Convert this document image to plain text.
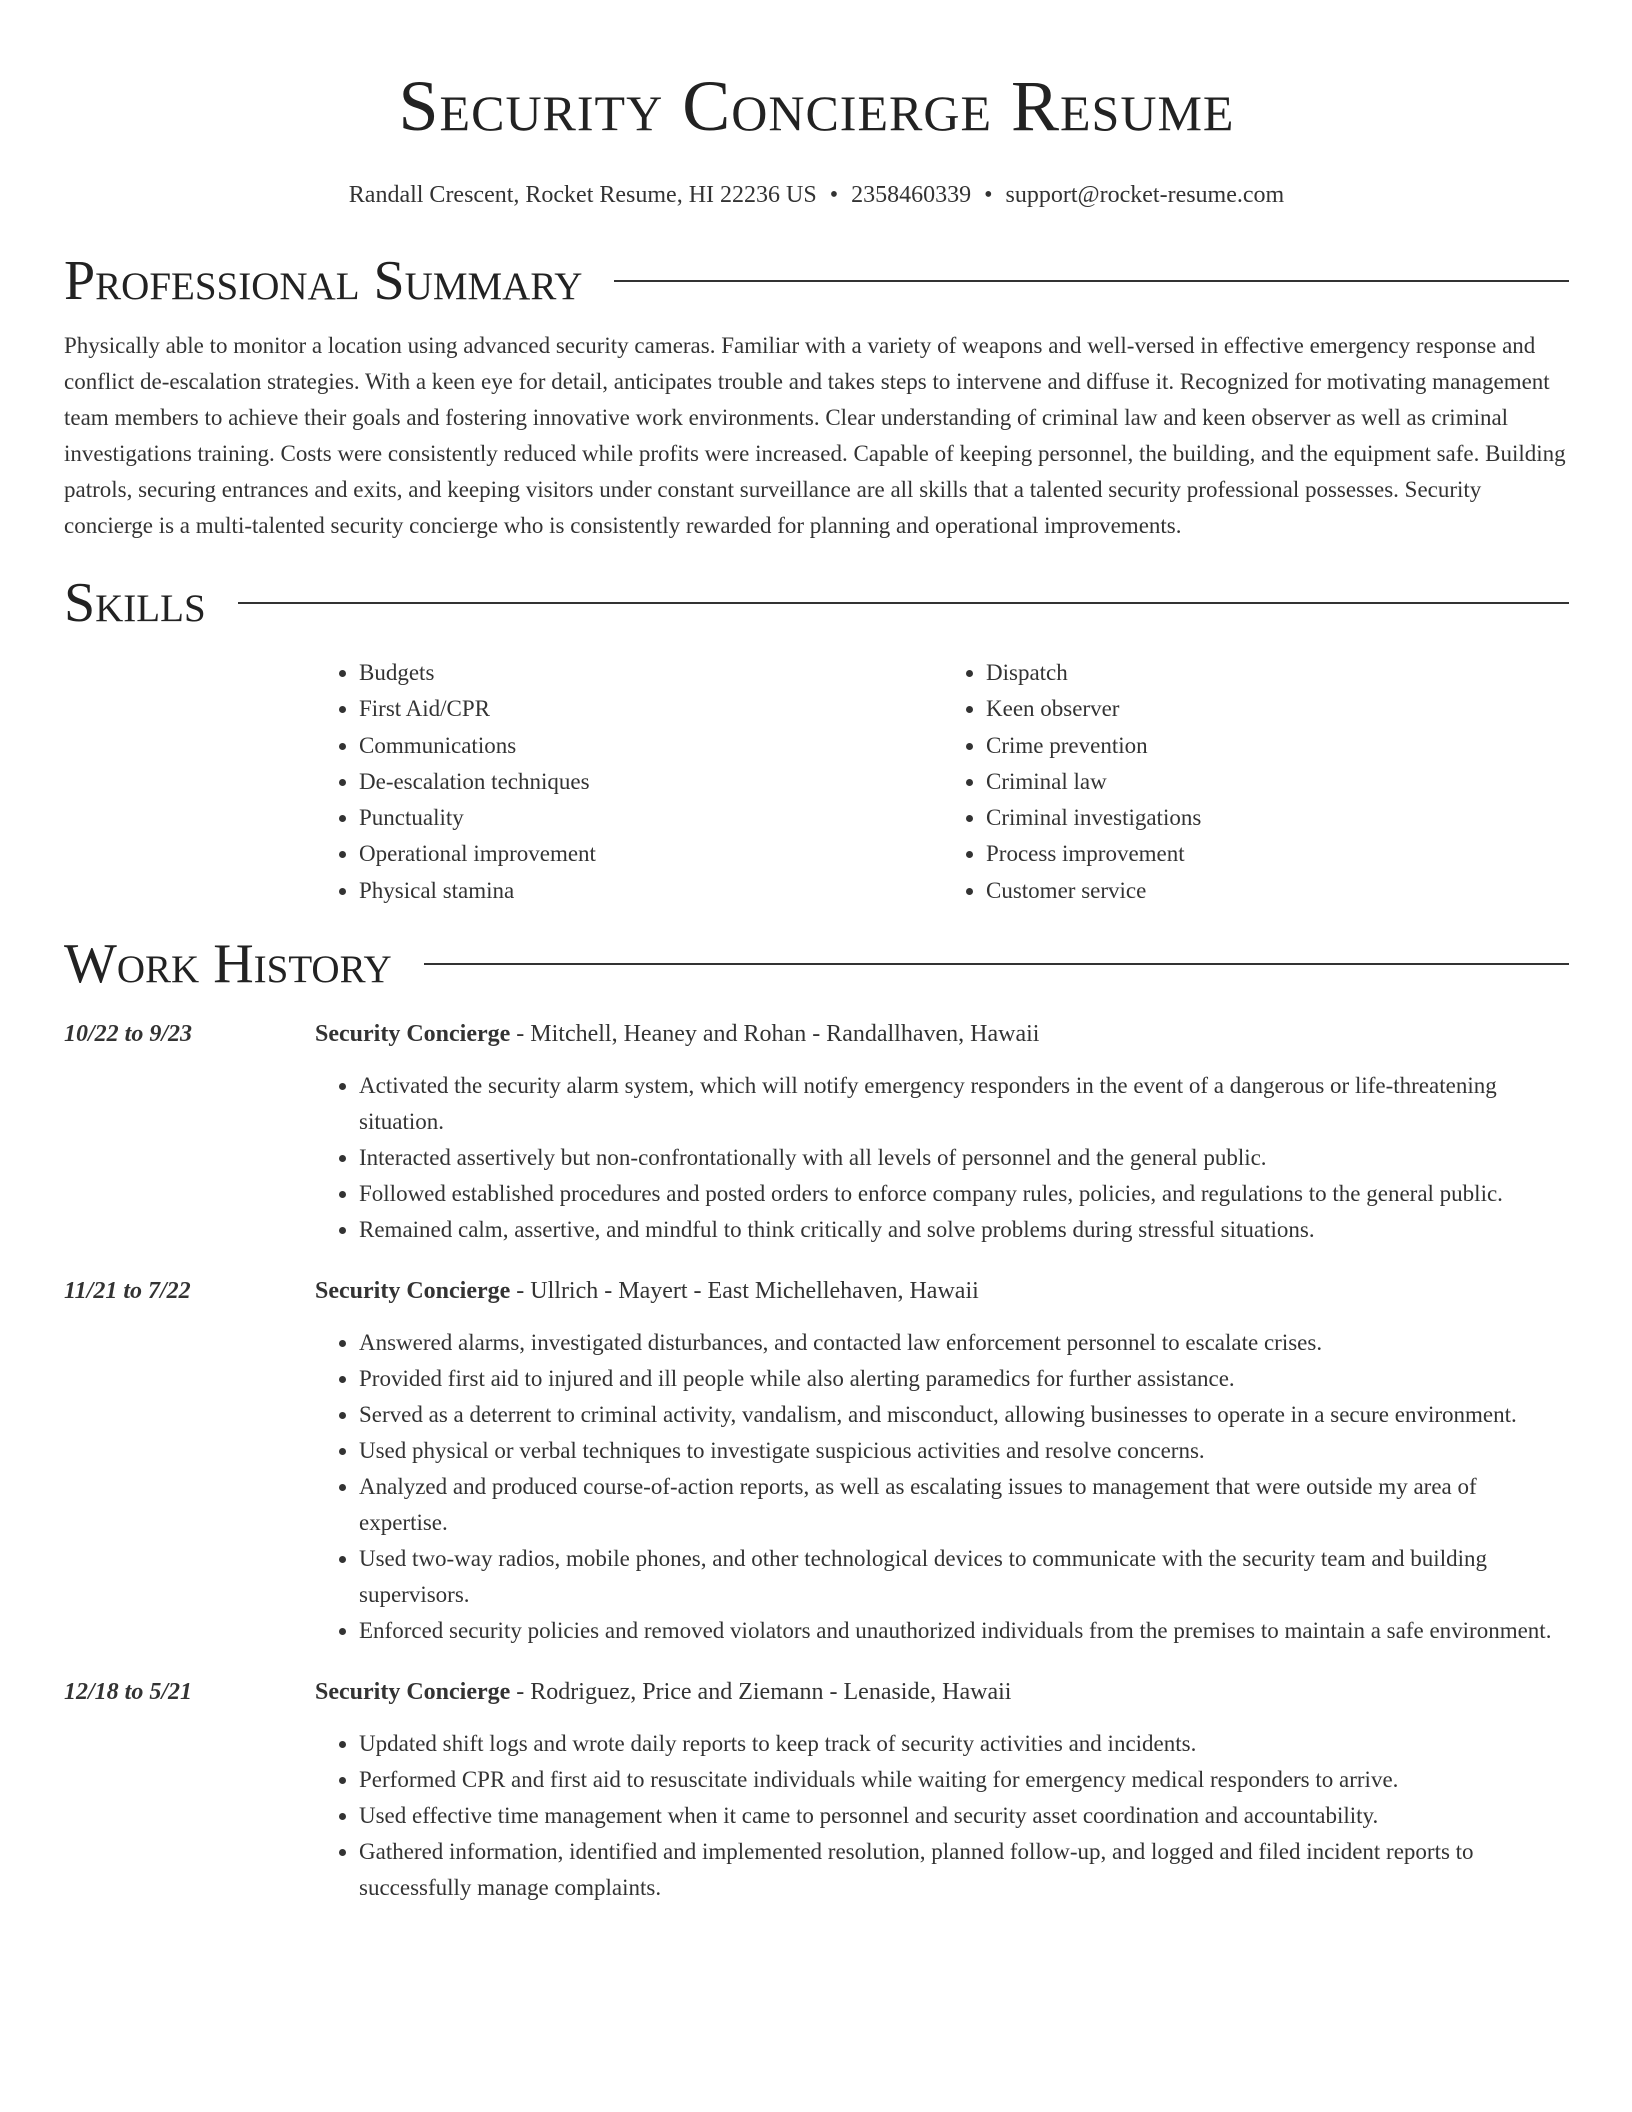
Security Concierge Resume
Randall Crescent, Rocket Resume, HI 22236 US • 2358460339 • support@rocket-resume.com
Professional Summary

Physically able to monitor a location using advanced security cameras. Familiar with a variety of weapons and well-versed in effective emergency response and conflict de-escalation strategies. With a keen eye for detail, anticipates trouble and takes steps to intervene and diffuse it. Recognized for motivating management team members to achieve their goals and fostering innovative work environments. Clear understanding of criminal law and keen observer as well as criminal investigations training. Costs were consistently reduced while profits were increased. Capable of keeping personnel, the building, and the equipment safe. Building patrols, securing entrances and exits, and keeping visitors under constant surveillance are all skills that a talented security professional possesses. Security concierge is a multi-talented security concierge who is consistently rewarded for planning and operational improvements.

Skills
• Budgets
• First Aid/CPR
• Communications
• De-escalation techniques
• Punctuality
• Operational improvement
• Physical stamina
• Dispatch
• Keen observer
• Crime prevention
• Criminal law
• Criminal investigations
• Process improvement
• Customer service
Work History
10/22 to 9/23	Security Concierge - Mitchell, Heaney and Rohan - Randallhaven, Hawaii
• Activated the security alarm system, which will notify emergency responders in the event of a dangerous or life-threatening situation.
• Interacted assertively but non-confrontationally with all levels of personnel and the general public.
• Followed established procedures and posted orders to enforce company rules, policies, and regulations to the general public.
• Remained calm, assertive, and mindful to think critically and solve problems during stressful situations.
11/21 to 7/22	Security Concierge - Ullrich - Mayert - East Michellehaven, Hawaii
• Answered alarms, investigated disturbances, and contacted law enforcement personnel to escalate crises.
• Provided first aid to injured and ill people while also alerting paramedics for further assistance.
• Served as a deterrent to criminal activity, vandalism, and misconduct, allowing businesses to operate in a secure environment.
• Used physical or verbal techniques to investigate suspicious activities and resolve concerns.
• Analyzed and produced course-of-action reports, as well as escalating issues to management that were outside my area of expertise.
• Used two-way radios, mobile phones, and other technological devices to communicate with the security team and building supervisors.
• Enforced security policies and removed violators and unauthorized individuals from the premises to maintain a safe environment.
12/18 to 5/21	Security Concierge - Rodriguez, Price and Ziemann - Lenaside, Hawaii
• Updated shift logs and wrote daily reports to keep track of security activities and incidents.
• Performed CPR and first aid to resuscitate individuals while waiting for emergency medical responders to arrive.
• Used effective time management when it came to personnel and security asset coordination and accountability.
• Gathered information, identified and implemented resolution, planned follow-up, and logged and filed incident reports to successfully manage complaints.
